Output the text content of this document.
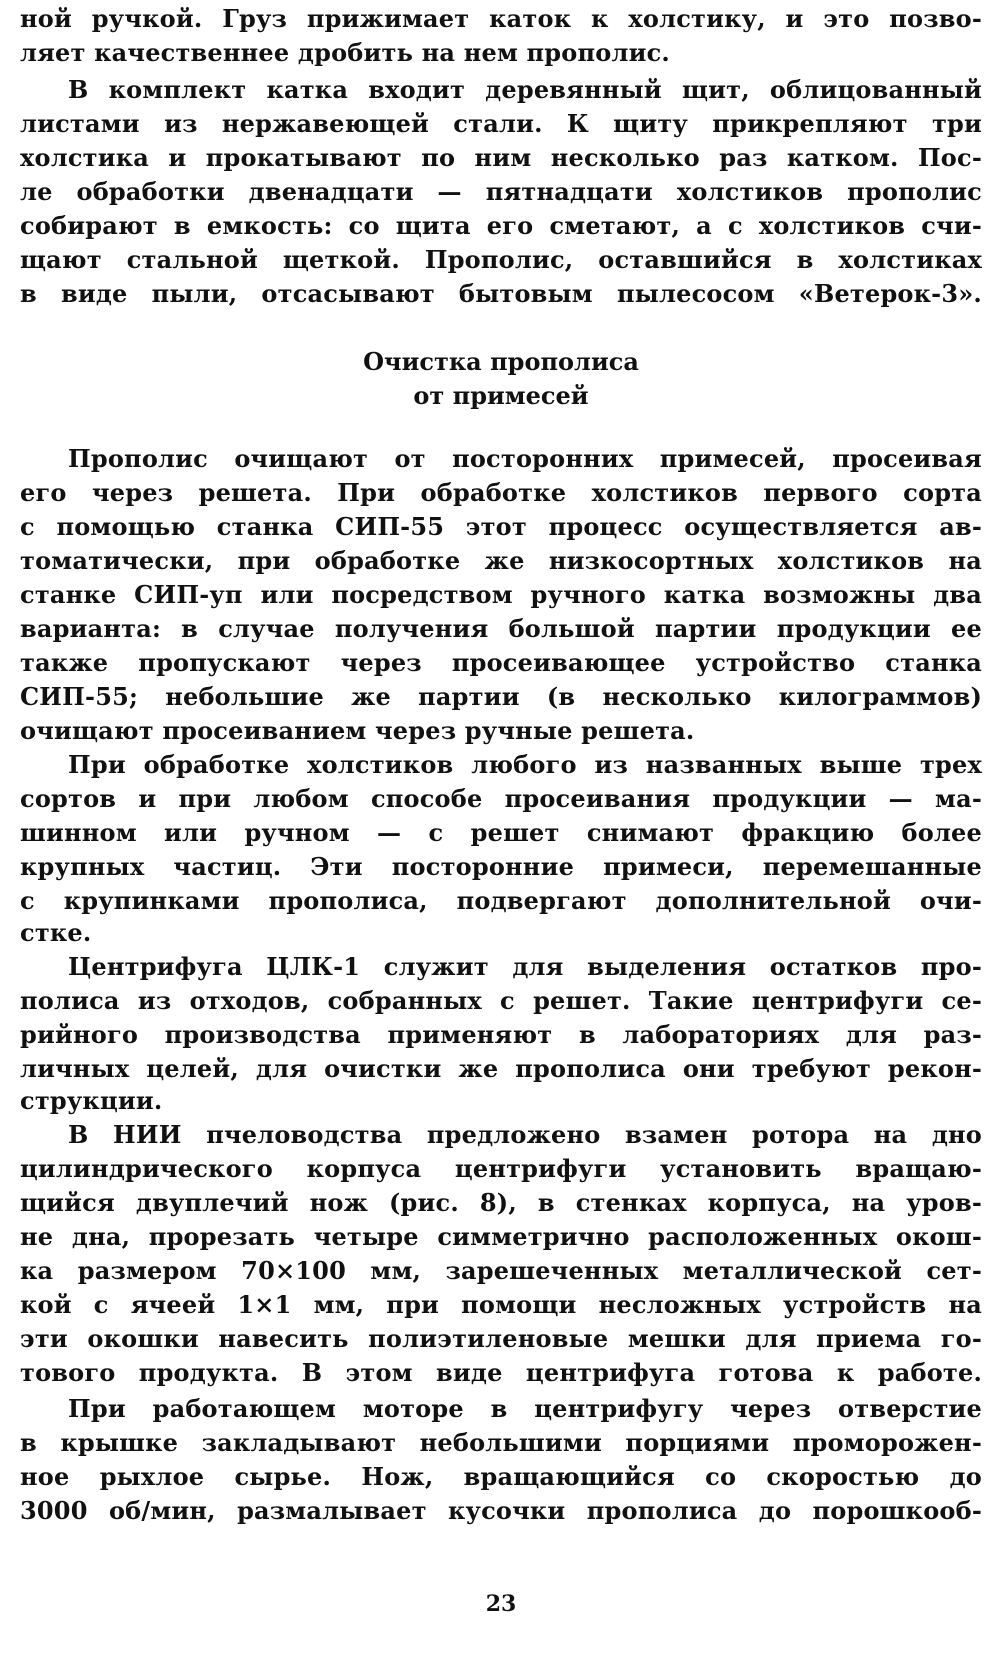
ной ручкой. Груз прижимает каток к холстику, и это позво-
ляет качественнее дробить на нем прополис.
В комплект катка входит деревянный щит, облицованный
листами из нержавеющей стали. К щиту прикрепляют три
холстика и прокатывают по ним несколько раз катком. Пос-
ле обработки двенадцати — пятнадцати холстиков прополис
собирают в емкость: со щита его сметают, а с холстиков счи-
щают стальной щеткой. Прополис, оставшийся в холстиках
в виде пыли, отсасывают бытовым пылесосом «Ветерок-3».
Очистка прополиса
от примесей
Прополис очищают от посторонних примесей, просеивая
его через решета. При обработке холстиков первого сорта
с помощью станка СИП-55 этот процесс осуществляется ав-
томатически, при обработке же низкосортных холстиков на
станке СИП-уп или посредством ручного катка возможны два
варианта: в случае получения большой партии продукции ее
также пропускают через просеивающее устройство станка
СИП-55; небольшие же партии (в несколько килограммов)
очищают просеиванием через ручные решета.
При обработке холстиков любого из названных выше трех
сортов и при любом способе просеивания продукции — ма-
шинном или ручном — с решет снимают фракцию более
крупных частиц. Эти посторонние примеси, перемешанные
с крупинками прополиса, подвергают дополнительной очи-
стке.
Центрифуга ЦЛК-1 служит для выделения остатков про-
полиса из отходов, собранных с решет. Такие центрифуги се-
рийного производства применяют в лабораториях для раз-
личных целей, для очистки же прополиса они требуют рекон-
струкции.
В НИИ пчеловодства предложено взамен ротора на дно
цилиндрического корпуса центрифуги установить вращаю-
щийся двуплечий нож (рис. 8), в стенках корпуса, на уров-
не дна, прорезать четыре симметрично расположенных окош-
ка размером 70×100 мм, зарешеченных металлической сет-
кой с ячеей 1×1 мм, при помощи несложных устройств на
эти окошки навесить полиэтиленовые мешки для приема го-
тового продукта. В этом виде центрифуга готова к работе.
При работающем моторе в центрифугу через отверстие
в крышке закладывают небольшими порциями проморожен-
ное рыхлое сырье. Нож, вращающийся со скоростью до
3000 об/мин, размалывает кусочки прополиса до порошкооб-
23
